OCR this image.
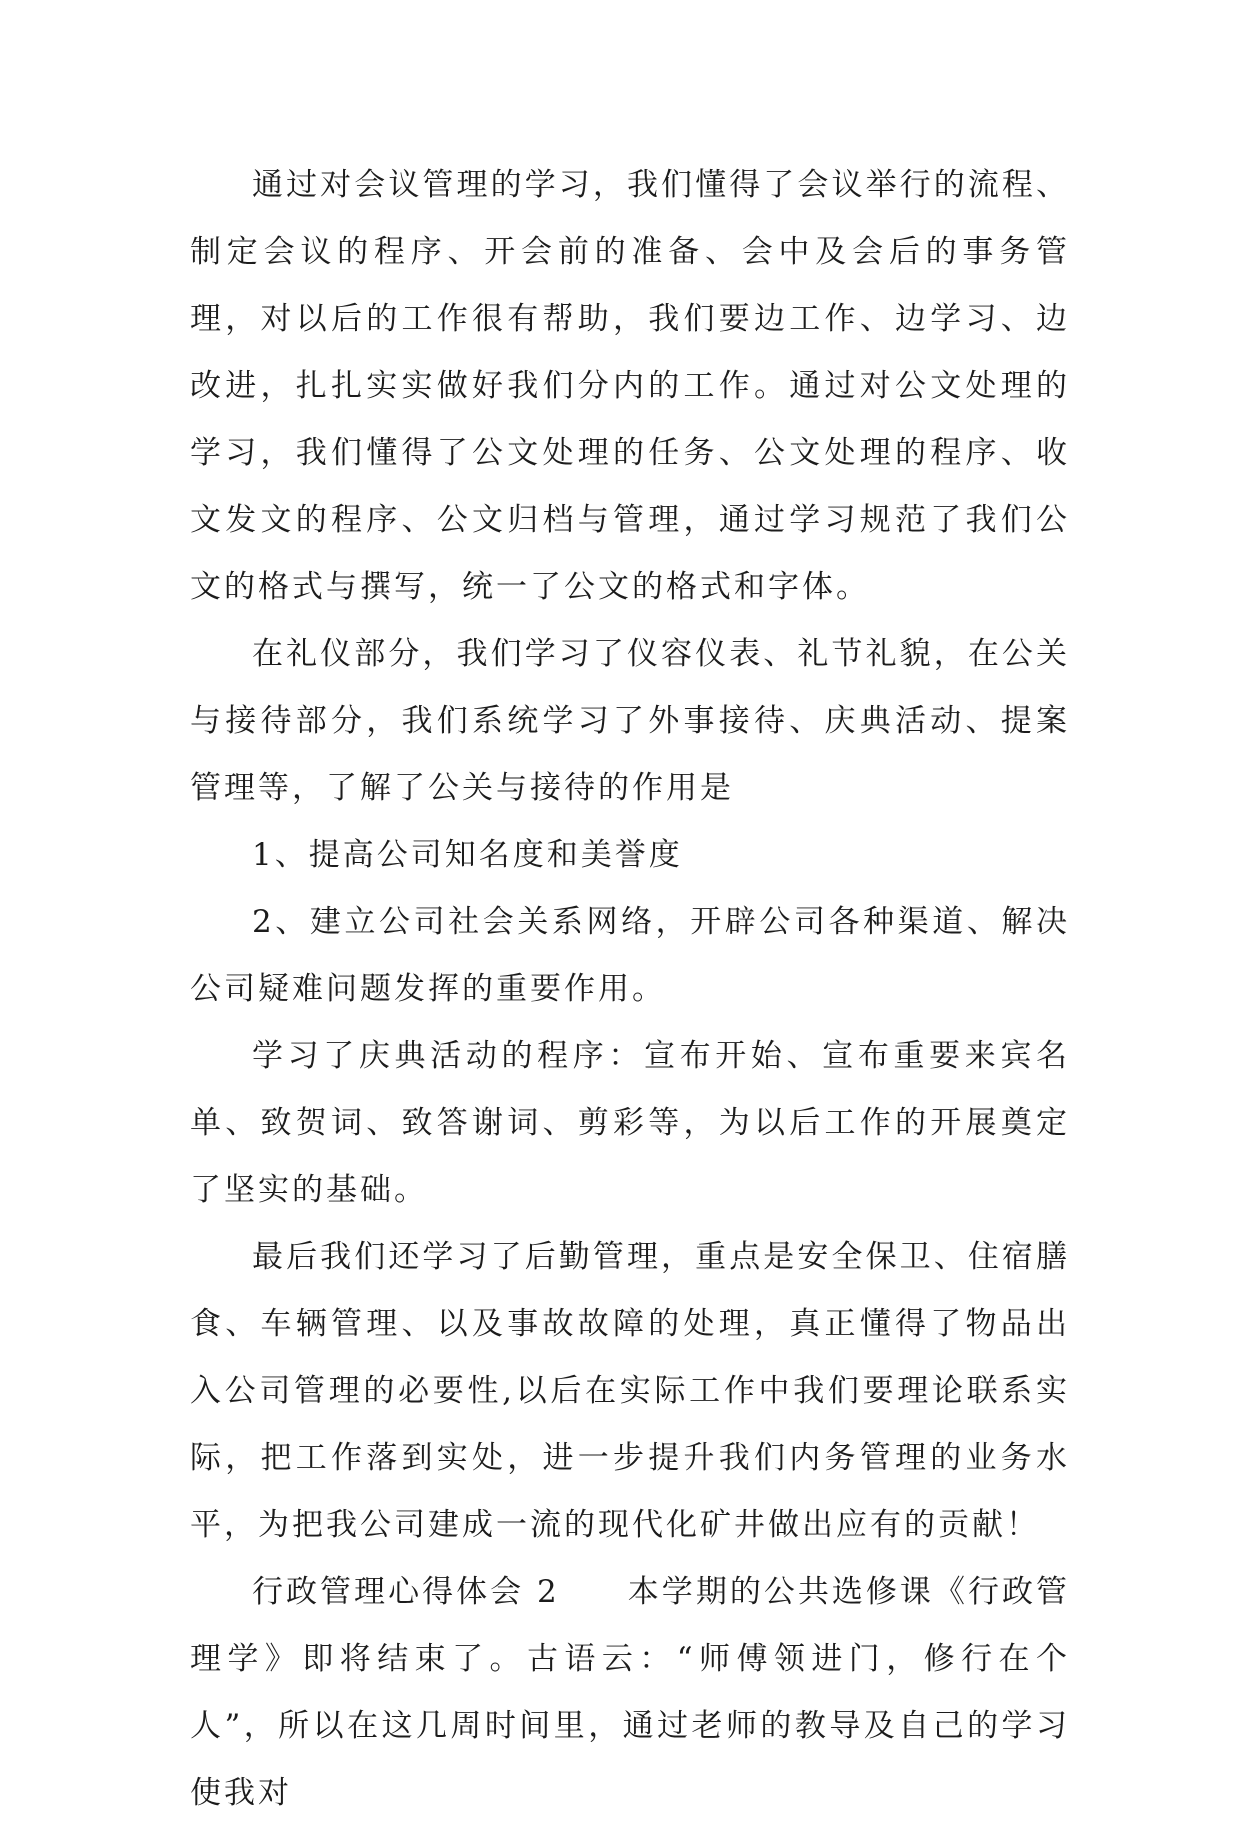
通过对会议管理的学习，我们懂得了会议举行的流程、制定会议的程序、开会前的准备、会中及会后的事务管理，对以后的工作很有帮助，我们要边工作、边学习、边改进，扎扎实实做好我们分内的工作。通过对公文处理的学习，我们懂得了公文处理的任务、公文处理的程序、收文发文的程序、公文归档与管理，通过学习规范了我们公文的格式与撰写，统一了公文的格式和字体。

在礼仪部分，我们学习了仪容仪表、礼节礼貌，在公关与接待部分，我们系统学习了外事接待、庆典活动、提案管理等，了解了公关与接待的作用是

1、提高公司知名度和美誉度

2、建立公司社会关系网络，开辟公司各种渠道、解决公司疑难问题发挥的重要作用。

学习了庆典活动的程序：宣布开始、宣布重要来宾名单、致贺词、致答谢词、剪彩等，为以后工作的开展奠定了坚实的基础。

最后我们还学习了后勤管理，重点是安全保卫、住宿膳食、车辆管理、以及事故故障的处理，真正懂得了物品出入公司管理的必要性,以后在实际工作中我们要理论联系实际，把工作落到实处，进一步提升我们内务管理的业务水平，为把我公司建成一流的现代化矿井做出应有的贡献！

行政管理心得体会 2　　本学期的公共选修课《行政管理学》即将结束了。古语云：“师傅领进门，修行在个人”，所以在这几周时间里，通过老师的教导及自己的学习使我对
